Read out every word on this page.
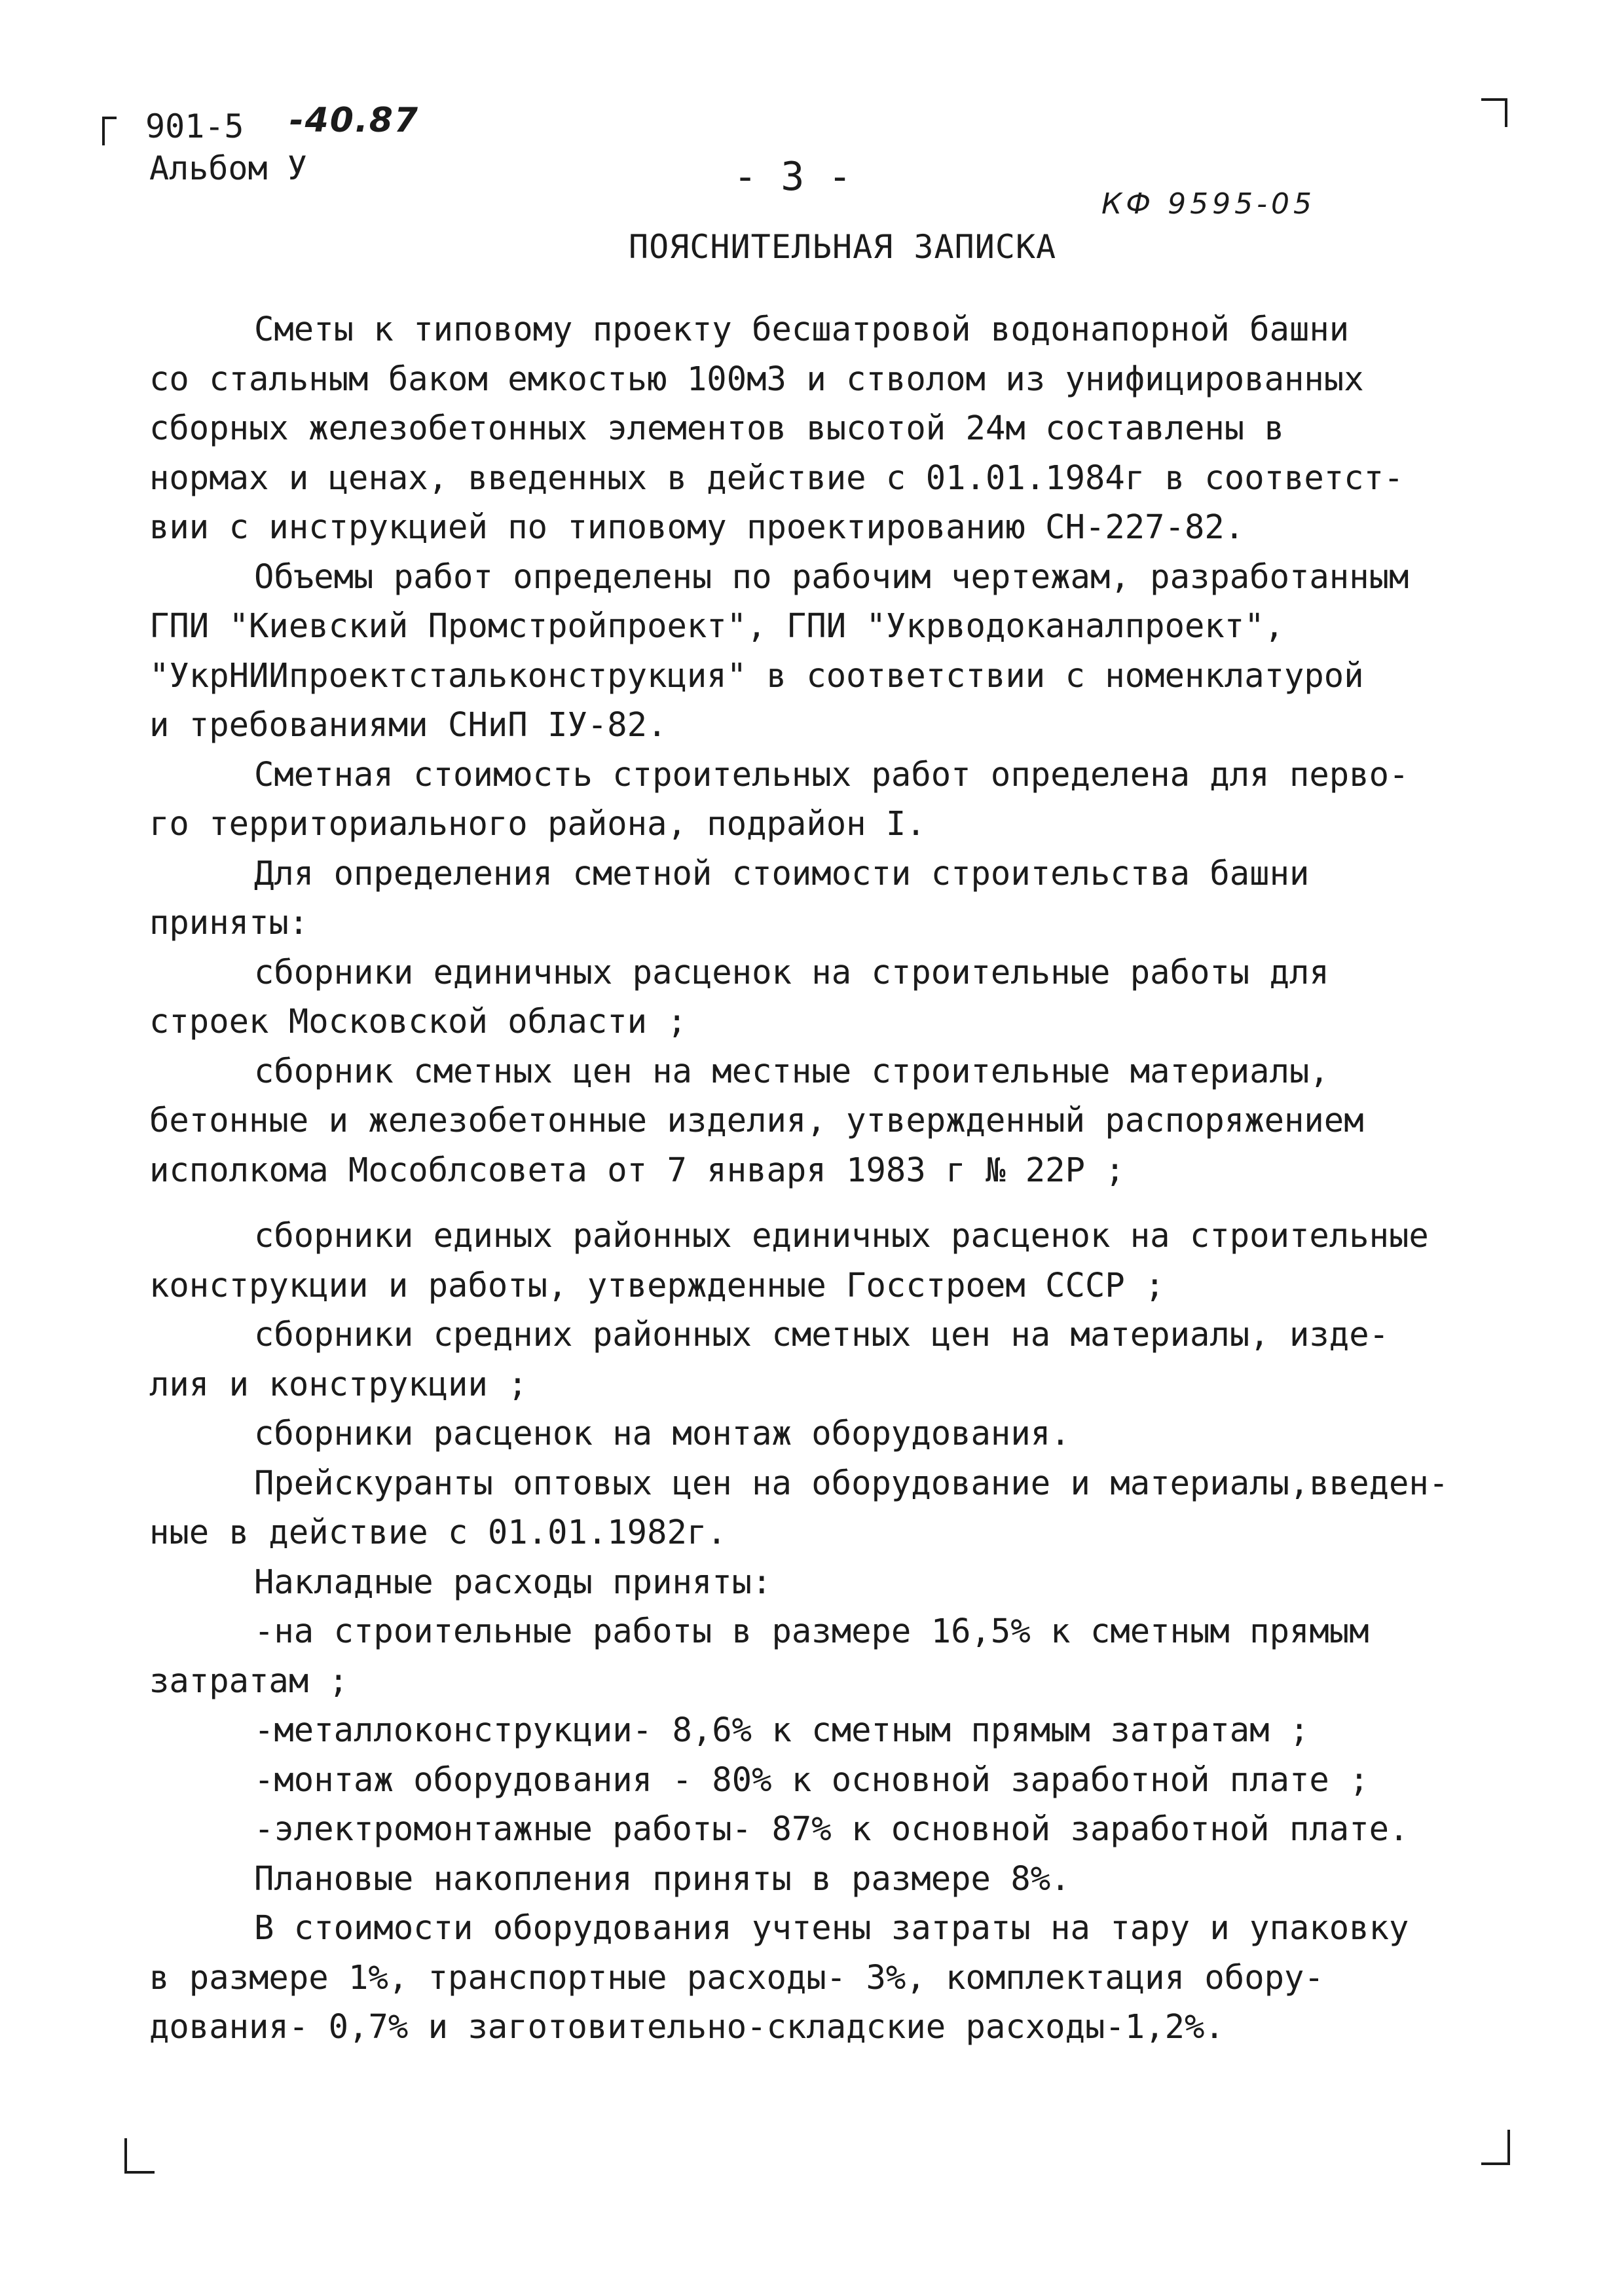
901-5 -40.87
Альбом У	- 3 -
КФ 9595-05
ПОЯСНИТЕЛЬНАЯ ЗАПИСКА
Сметы к типовому проекту бесшатровой водонапорной башни
со стальным баком емкостью 100м3 и стволом из унифицированных
сборных железобетонных элементов высотой 24м составлены в
нормах и ценах, введенных в действие с 01.01.1984г в соответст-
вии с инструкцией по типовому проектированию СН-227-82.
Объемы работ определены по рабочим чертежам, разработанным
ГПИ "Киевский Промстройпроект", ГПИ "Укрводоканалпроект",
"УкрНИИпроектстальконструкция" в соответствии с номенклатурой
и требованиями СНиП IУ-82.
Сметная стоимость строительных работ определена для перво-
го территориального района, подрайон I.
Для определения сметной стоимости строительства башни
приняты:
сборники единичных расценок на строительные работы для
строек Московской области ;
сборник сметных цен на местные строительные материалы,
бетонные и железобетонные изделия, утвержденный распоряжением
исполкома Мособлсовета от 7 января 1983 г № 22Р ;
сборники единых районных единичных расценок на строительные
конструкции и работы, утвержденные Госстроем СССР ;
сборники средних районных сметных цен на материалы, изде-
лия и конструкции ;
сборники расценок на монтаж оборудования.
Прейскуранты оптовых цен на оборудование и материалы,введен-
ные в действие с 01.01.1982г.
Накладные расходы приняты:
-на строительные работы в размере 16,5% к сметным прямым
затратам ;
-металлоконструкции- 8,6% к сметным прямым затратам ;
-монтаж оборудования - 80% к основной заработной плате ;
-электромонтажные работы- 87% к основной заработной плате.
Плановые накопления приняты в размере 8%.
В стоимости оборудования учтены затраты на тару и упаковку
в размере 1%, транспортные расходы- 3%, комплектация обору-
дования- 0,7% и заготовительно-складские расходы-1,2%.
